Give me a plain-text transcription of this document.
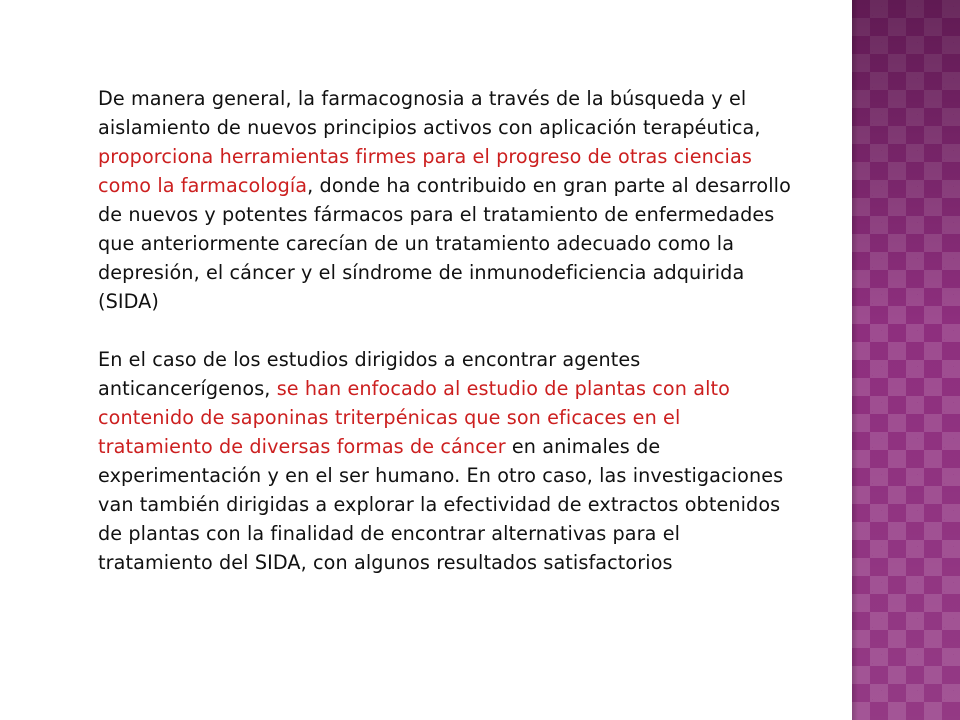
De manera general, la farmacognosia a través de la búsqueda y el aislamiento de nuevos principios activos con aplicación terapéutica, proporciona herramientas firmes para el progreso de otras ciencias como la farmacología, donde ha contribuido en gran parte al desarrollo de nuevos y potentes fármacos para el tratamiento de enfermedades que anteriormente carecían de un tratamiento adecuado como la depresión, el cáncer y el síndrome de inmunodeficiencia adquirida (SIDA)

En el caso de los estudios dirigidos a encontrar agentes anticancerígenos, se han enfocado al estudio de plantas con alto contenido de saponinas triterpénicas que son eficaces en el tratamiento de diversas formas de cáncer en animales de experimentación y en el ser humano. En otro caso, las investigaciones van también dirigidas a explorar la efectividad de extractos obtenidos de plantas con la finalidad de encontrar alternativas para el tratamiento del SIDA, con algunos resultados satisfactorios
